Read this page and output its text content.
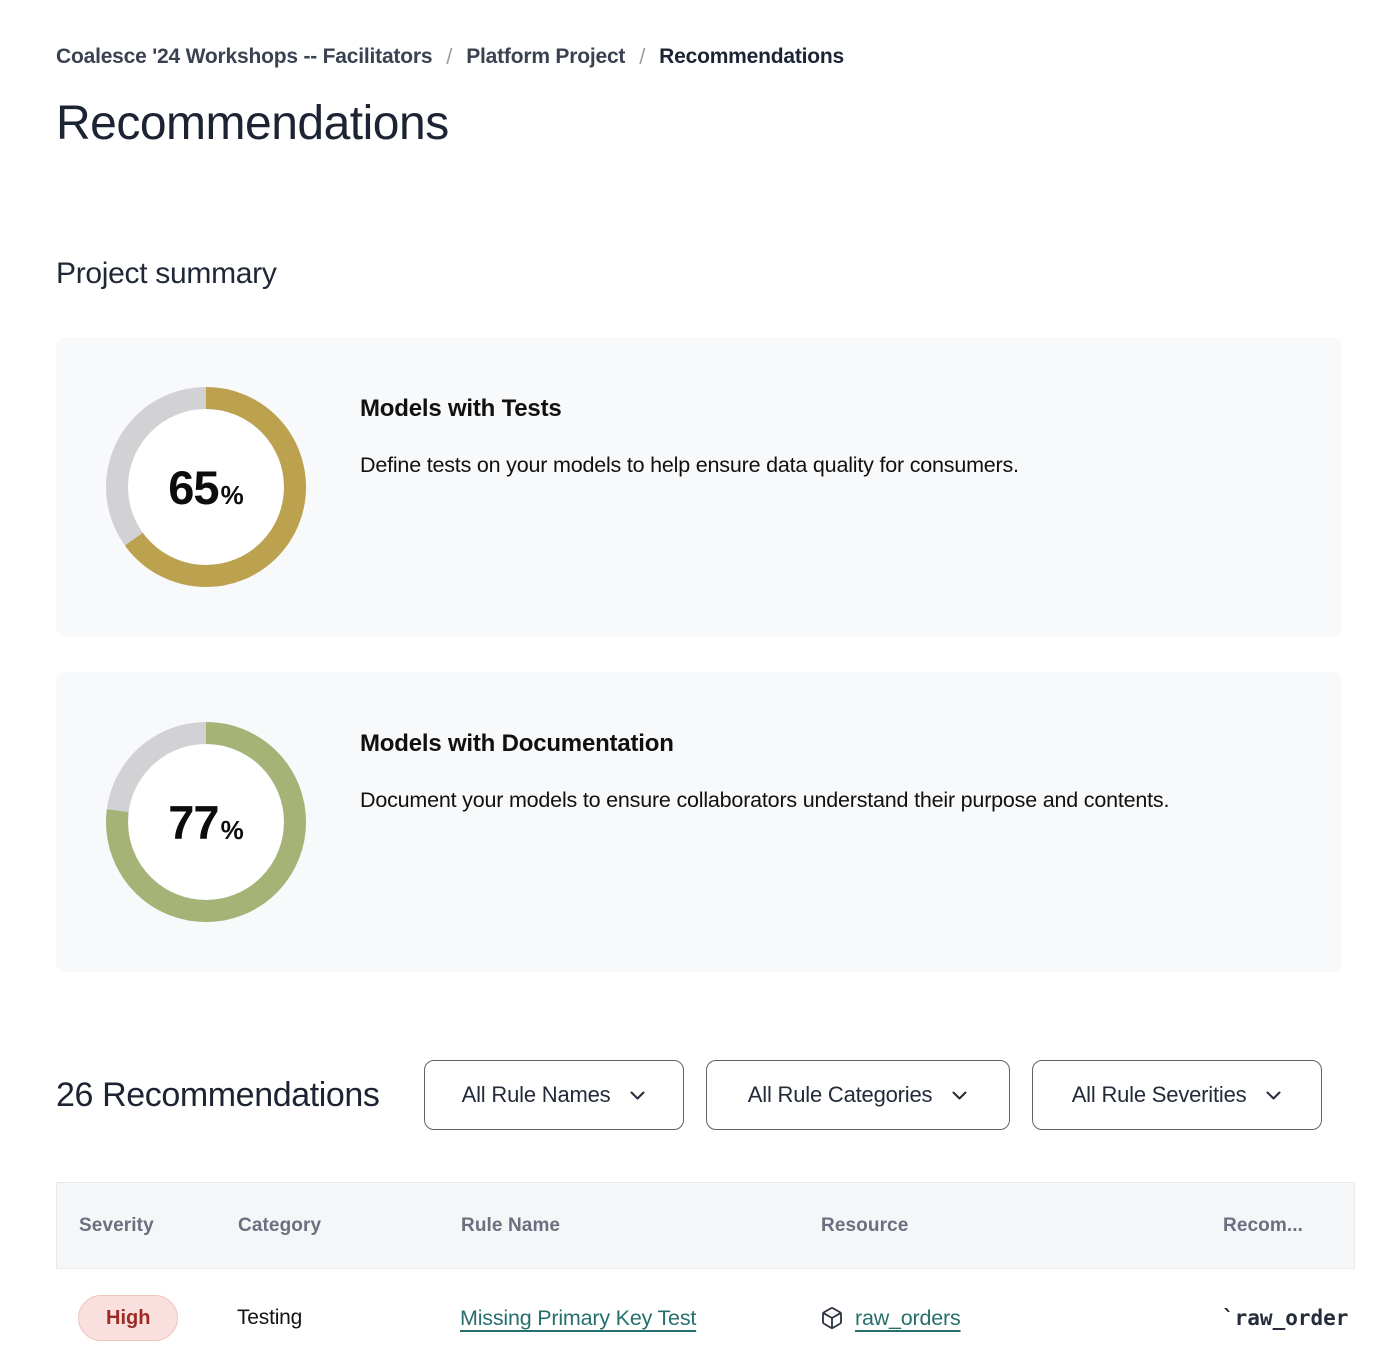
Coalesce '24 Workshops -- Facilitators / Platform Project / Recommendations
Recommendations
Project summary
65 %
Models with Tests
Define tests on your models to help ensure data quality for consumers.
77 %
Models with Documentation
Document your models to ensure collaborators understand their purpose and contents.
26 Recommendations	All Rule Names	All Rule Categories	All Rule Severities
Severity	Category	Rule Name	Resource	Recom...
High	Testing	Missing Primary Key Test	raw_orders	`raw_order
